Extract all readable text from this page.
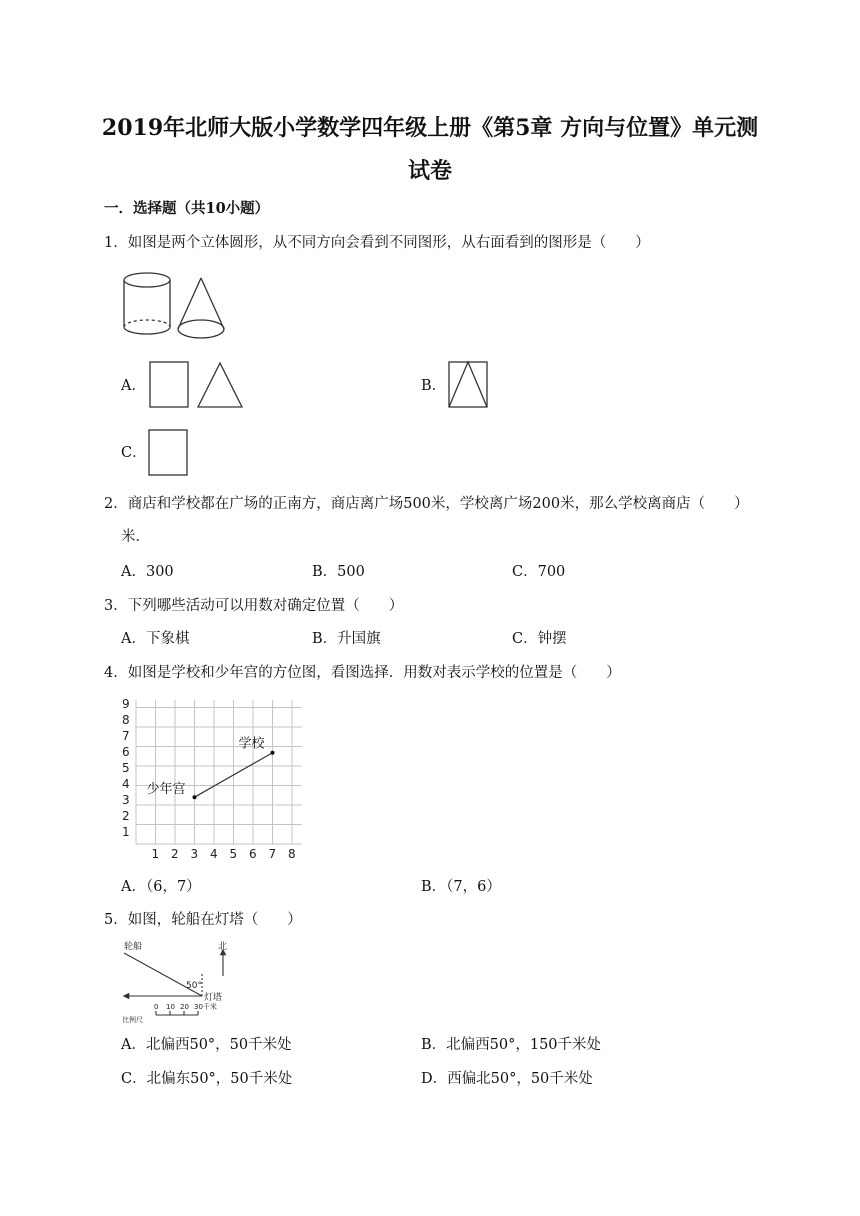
2019年北师大版小学数学四年级上册《第5章 方向与位置》单元测
试卷
一．选择题（共10小题）
1．如图是两个立体圆形，从不同方向会看到不同图形，从右面看到的图形是（　　）
A．	B．
C．
2．商店和学校都在广场的正南方，商店离广场500米，学校离广场200米，那么学校离商店（　　）
米．
A．300	B．500	C．700
3．下列哪些活动可以用数对确定位置（　　）
A．下象棋	B．升国旗	C．钟摆
4．如图是学校和少年宫的方位图，看图选择．用数对表示学校的位置是（　　）
1 2 3 4 5 6 7 8
9
8
7
6
5
4
3
2
1
学校
少年宫
A．（6，7）	B．（7，6）
5．如图，轮船在灯塔（　　）
轮船	北
50°
灯塔
比例尺
0 10 20 30千米
A．北偏西50°，50千米处	B．北偏西50°，150千米处
C．北偏东50°，50千米处	D．西偏北50°，50千米处
